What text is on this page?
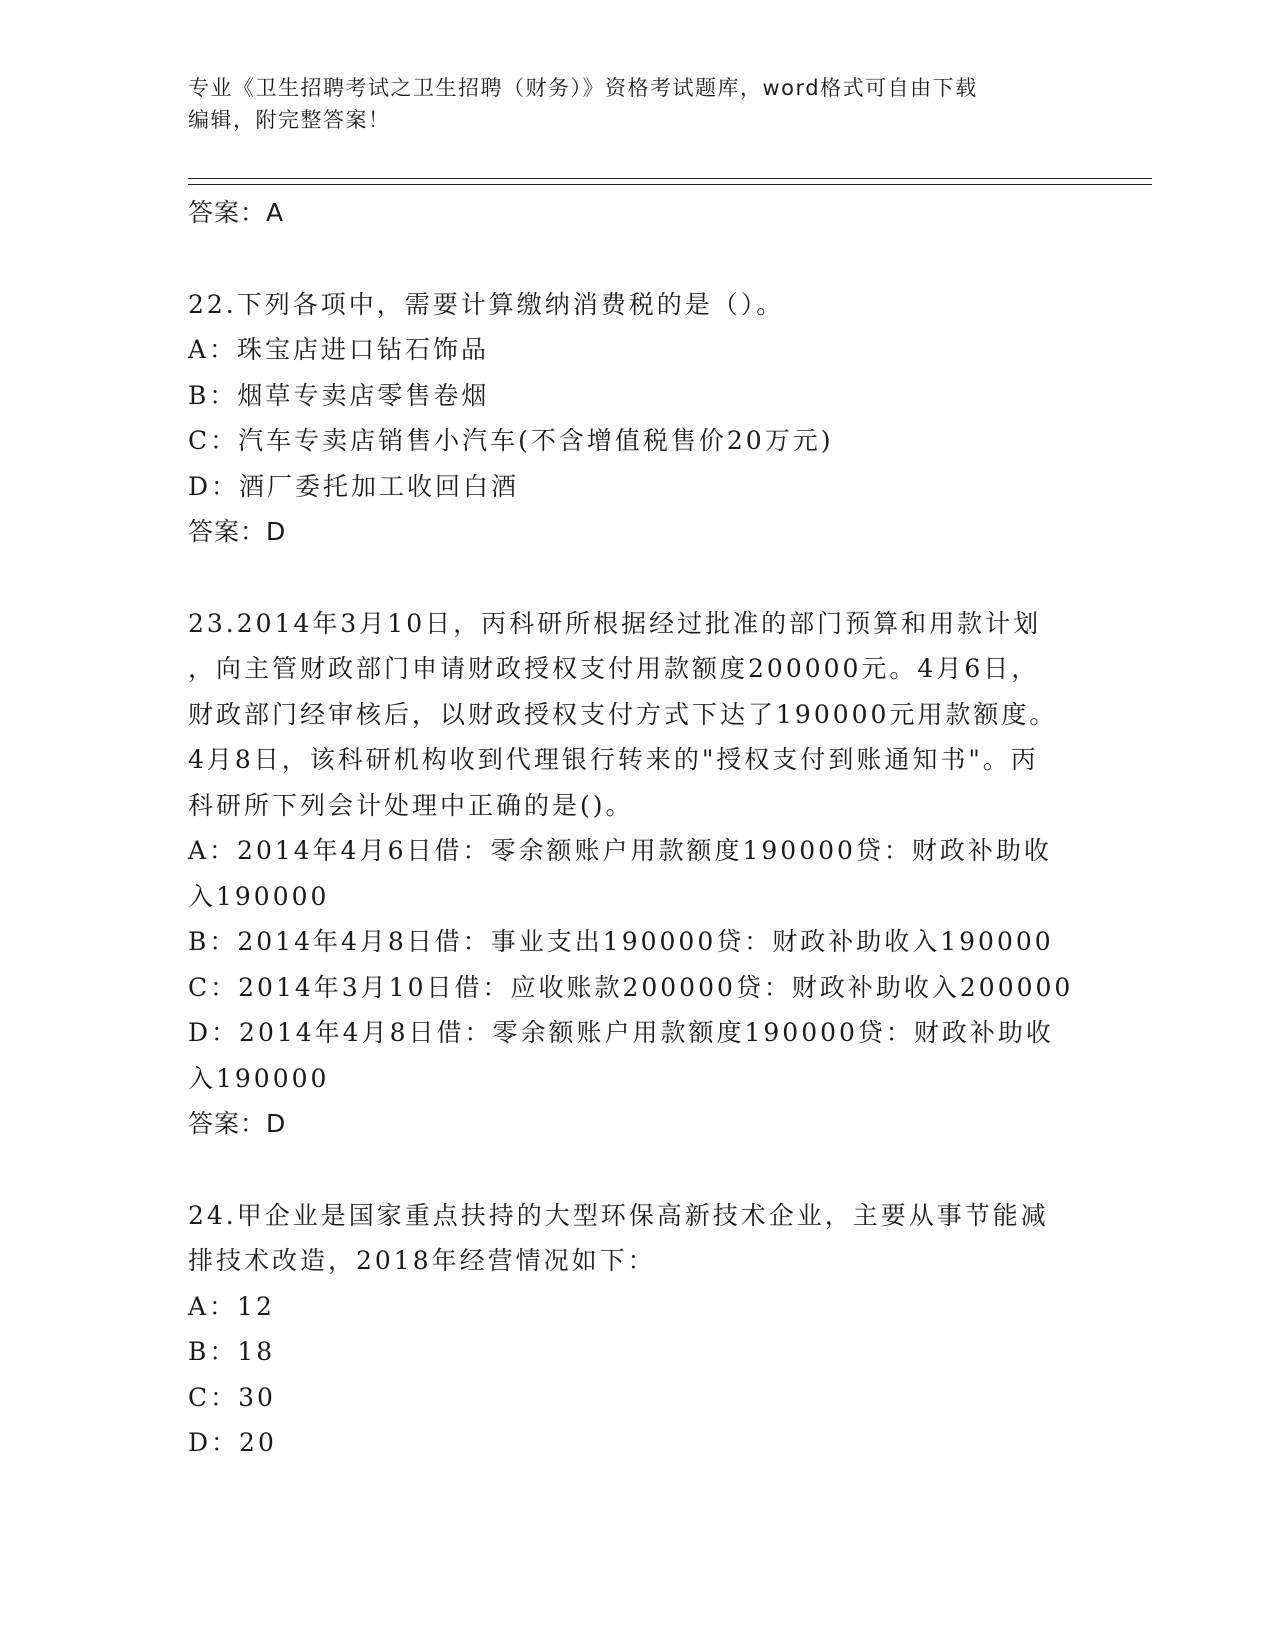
专业《卫生招聘考试之卫生招聘（财务）》资格考试题库，word格式可自由下载
编辑，附完整答案！
答案：A
22.下列各项中，需要计算缴纳消费税的是（）。
A：珠宝店进口钻石饰品
B：烟草专卖店零售卷烟
C：汽车专卖店销售小汽车(不含增值税售价20万元)
D：酒厂委托加工收回白酒
答案：D
23.2014年3月10日，丙科研所根据经过批准的部门预算和用款计划
，向主管财政部门申请财政授权支付用款额度200000元。4月6日，
财政部门经审核后，以财政授权支付方式下达了190000元用款额度。
4月8日，该科研机构收到代理银行转来的"授权支付到账通知书"。丙
科研所下列会计处理中正确的是()。
A：2014年4月6日借：零余额账户用款额度190000贷：财政补助收
入190000
B：2014年4月8日借：事业支出190000贷：财政补助收入190000
C：2014年3月10日借：应收账款200000贷：财政补助收入200000
D：2014年4月8日借：零余额账户用款额度190000贷：财政补助收
入190000
答案：D
24.甲企业是国家重点扶持的大型环保高新技术企业，主要从事节能减
排技术改造，2018年经营情况如下：
A：12
B：18
C：30
D：20
